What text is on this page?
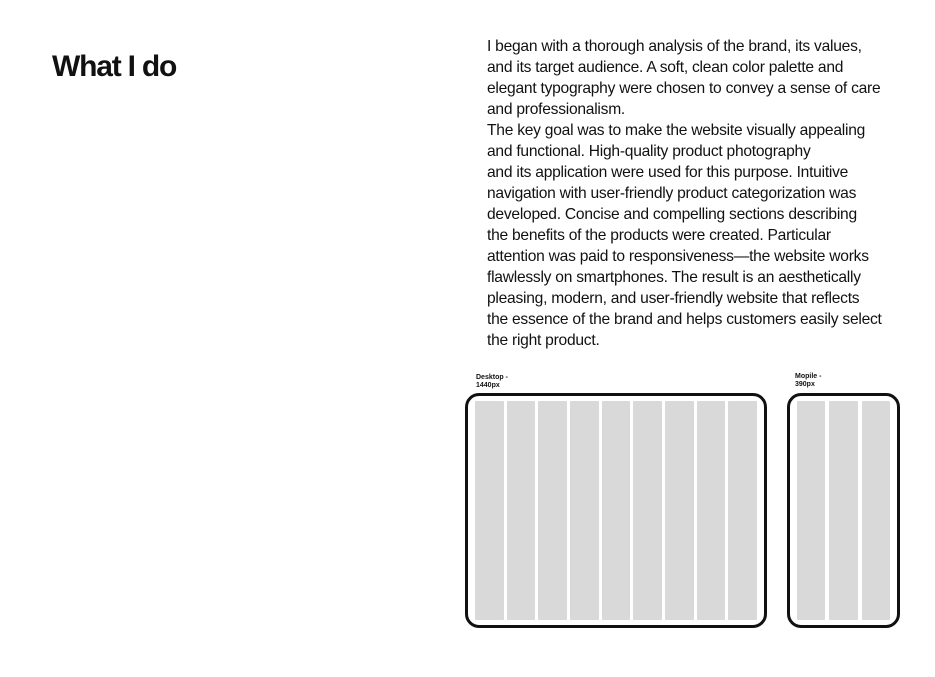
What I do
I began with a thorough analysis of the brand, its values,
and its target audience. A soft, clean color palette and
elegant typography were chosen to convey a sense of care
and professionalism.
The key goal was to make the website visually appealing
and functional. High-quality product photography
and its application were used for this purpose. Intuitive
navigation with user-friendly product categorization was
developed. Concise and compelling sections describing
the benefits of the products were created. Particular
attention was paid to responsiveness—the website works
flawlessly on smartphones. The result is an aesthetically
pleasing, modern, and user-friendly website that reflects
the essence of the brand and helps customers easily select
the right product.
Desktop -
1440px
Mopile -
390px
